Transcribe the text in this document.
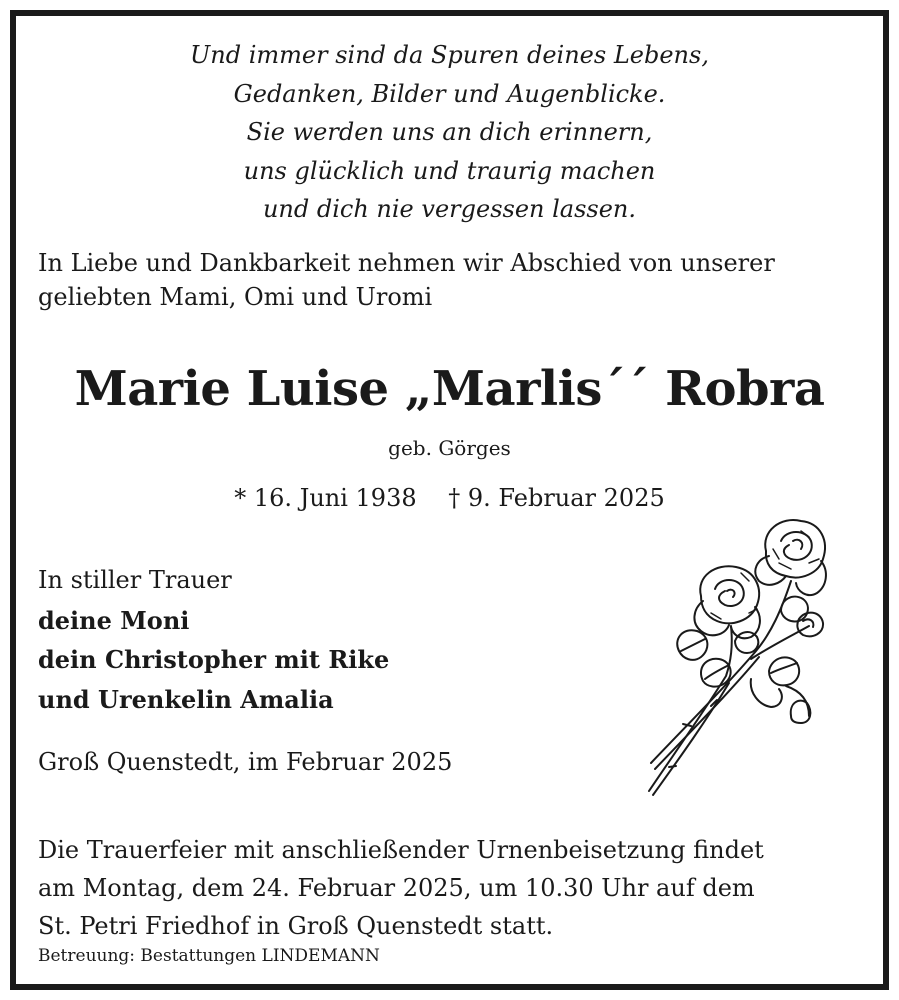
Und immer sind da Spuren deines Lebens,
Gedanken, Bilder und Augenblicke.
Sie werden uns an dich erinnern,
uns glücklich und traurig machen
und dich nie vergessen lassen.
In Liebe und Dankbarkeit nehmen wir Abschied von unserer
geliebten Mami, Omi und Uromi
Marie Luise „Marlis´´ Robra
geb. Görges
* 16. Juni 1938 † 9. Februar 2025
In stiller Trauer
deine Moni
dein Christopher mit Rike
und Urenkelin Amalia
Groß Quenstedt, im Februar 2025
Die Trauerfeier mit anschließender Urnenbeisetzung findet
am Montag, dem 24. Februar 2025, um 10.30 Uhr auf dem
St. Petri Friedhof in Groß Quenstedt statt.
Betreuung: Bestattungen LINDEMANN
